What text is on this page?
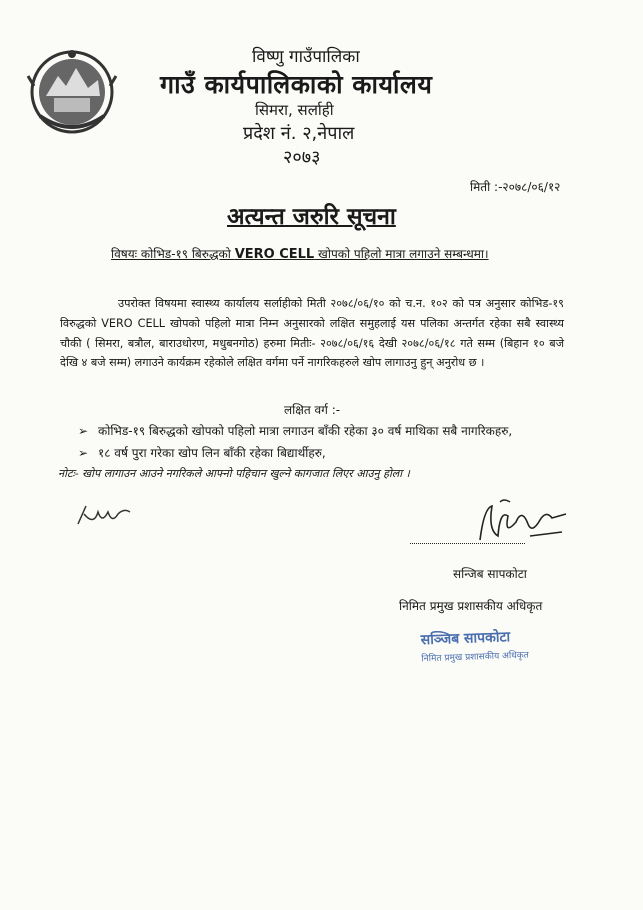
विष्णु गाउँपालिका
गाउँ कार्यपालिकाको कार्यालय
सिमरा, सर्लाही
प्रदेश नं. २,नेपाल
२०७३
मिती :-२०७८/०६/१२
अत्यन्त जरुरि सूचना
विषयः कोभिड-१९ बिरुद्धको VERO CELL खोपको पहिलो मात्रा लगाउने सम्बन्धमा।

उपरोक्त विषयमा स्वास्थ्य कार्यालय सर्लाहीको मिती २०७८/०६/१० को च.न. १०२ को पत्र अनुसार कोभिड-१९ विरुद्धको VERO CELL खोपको पहिलो मात्रा निम्न अनुसारको लक्षित समुहलाई यस पलिका अन्तर्गत रहेका सबै स्वास्थ्य चौकी ( सिमरा, बत्रौल, बाराउधोरण, मधुबनगोठ) हरुमा मितीः- २०७८/०६/१६ देखी २०७८/०६/१८ गते सम्म (बिहान १० बजे देखि ४ बजे सम्म) लगाउने कार्यक्रम रहेकोले लक्षित वर्गमा पर्ने नागरिकहरुले खोप लागाउनु हुन् अनुरोध छ ।

लक्षित वर्ग :-
➢ कोभिड-१९ बिरुद्धको खोपको पहिलो मात्रा लगाउन बाँकी रहेका ३० वर्ष माथिका सबै नागरिकहरु,
➢ १८ वर्ष पुरा गरेका खोप लिन बाँकी रहेका बिद्यार्थीहरु,
नोटः- खोप लागाउन आउने नगरिकले आफ्नो पहिचान खुल्ने कागजात लिएर आउनु होला ।
सन्जिब सापकोटा
निमित प्रमुख प्रशासकीय अधिकृत
सञ्जिब सापकोटा
निमित प्रमुख प्रशासकीय अधिकृत
